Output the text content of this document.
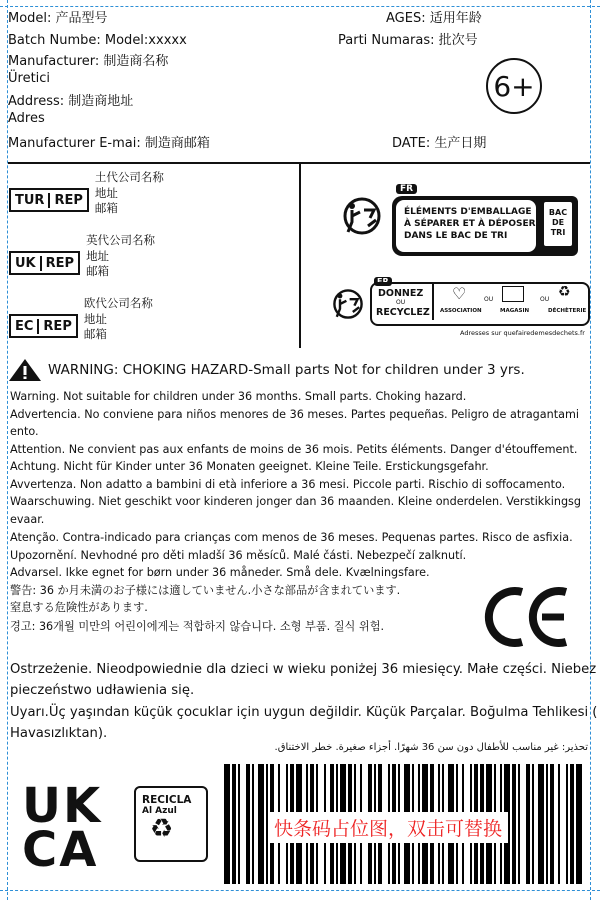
Model: 产品型号	AGES: 适用年龄
Batch Numbe: Model:xxxxx	Parti Numaras: 批次号
Manufacturer: 制造商名称
Üretici
Address: 制造商地址
Adres
Manufacturer E-mai: 制造商邮箱	DATE: 生产日期
6+
TUR REP
土代公司名称
地址
邮箱
UK REP
英代公司名称
地址
邮箱
EC REP
欧代公司名称
地址
邮箱
FR
ÉLÉMENTS D'EMBALLAGE
À SÉPARER ET À DÉPOSER
DANS LE BAC DE TRI
BAC
DE
TRI
FR
DONNEZ
OU
RECYCLEZ
♡
ASSOCIATION
OU
MAGASIN
OU ♻
DÉCHÈTERIE
Adresses sur quefairedemesdechets.fr
WARNING: CHOKING HAZARD-Small parts Not for children under 3 yrs.
Warning. Not suitable for children under 36 months. Small parts. Choking hazard.
Advertencia. No conviene para niños menores de 36 meses. Partes pequeñas. Peligro de atragantami
ento.
Attention. Ne convient pas aux enfants de moins de 36 mois. Petits éléments. Danger d'étouffement.
Achtung. Nicht für Kinder unter 36 Monaten geeignet. Kleine Teile. Erstickungsgefahr.
Avvertenza. Non adatto a bambini di età inferiore a 36 mesi. Piccole parti. Rischio di soffocamento.
Waarschuwing. Niet geschikt voor kinderen jonger dan 36 maanden. Kleine onderdelen. Verstikkingsg
evaar.
Atenção. Contra-indicado para crianças com menos de 36 meses. Pequenas partes. Risco de asfixia.
Upozornění. Nevhodné pro děti mladší 36 měsíců. Malé části. Nebezpečí zalknutí.
Advarsel. Ikke egnet for børn under 36 måneder. Små dele. Kvælningsfare.
警告: 36 か月未満のお子様には適していません.小さな部品が含まれています.
窒息する危険性があります.
경고: 36개월 미만의 어린이에게는 적합하지 않습니다. 소형 부품. 질식 위험.
Ostrzeżenie. Nieodpowiednie dla dzieci w wieku poniżej 36 miesięcy. Małe części. Niebez
pieczeństwo udławienia się.
Uyarı.Üç yaşından küçük çocuklar için uygun değildir. Küçük Parçalar. Boğulma Tehlikesi (
Havasızlıktan).
تحذير: غير مناسب للأطفال دون سن 36 شهرًا. أجزاء صغيرة. خطر الاختناق.
UK
CA
RECICLA
Al Azul
♻	快条码占位图，双击可替换
